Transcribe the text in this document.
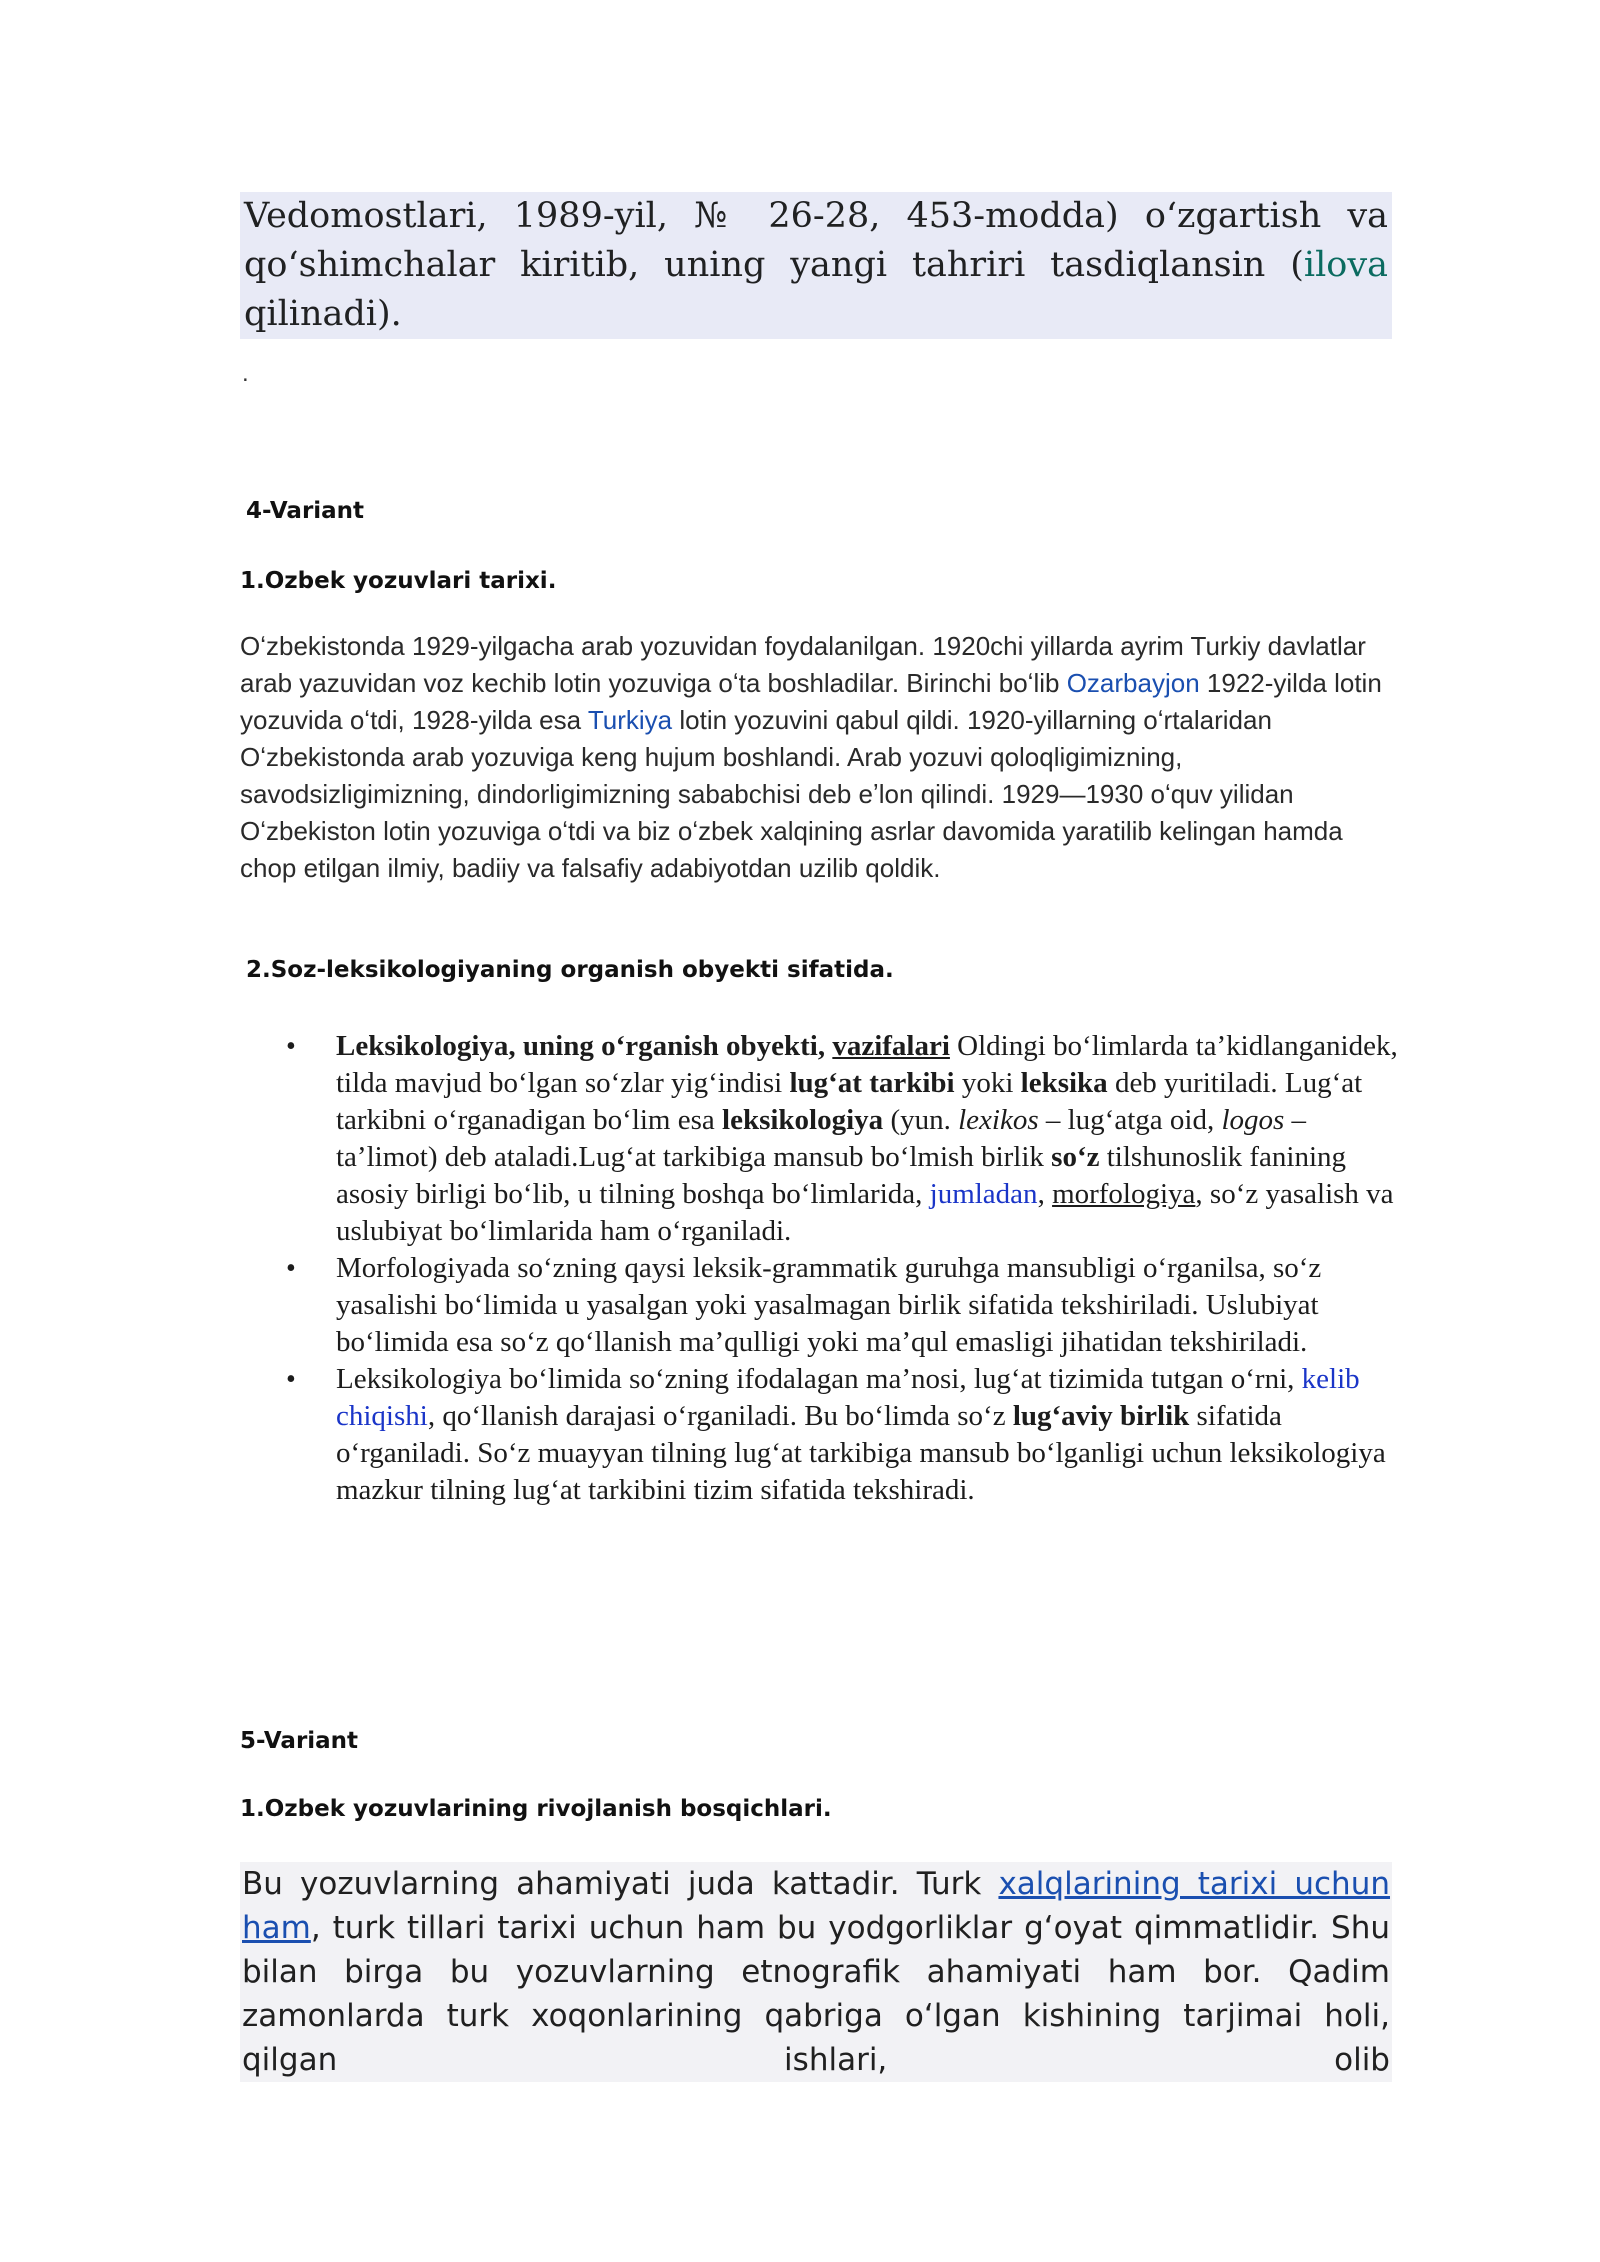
Vedomostlari, 1989-yil, № 26-28, 453-modda) oʻzgartish va qoʻshimchalar kiritib, uning yangi tahriri tasdiqlansin (ilova qilinadi).
.
4-Variant
1.Ozbek yozuvlari tarixi.

Oʻzbekistonda 1929-yilgacha arab yozuvidan foydalanilgan. 1920chi yillarda ayrim Turkiy davlatlar arab yazuvidan voz kechib lotin yozuviga oʻta boshladilar. Birinchi boʻlib Ozarbayjon 1922-yilda lotin yozuvida oʻtdi, 1928-yilda esa Turkiya lotin yozuvini qabul qildi. 1920-yillarning oʻrtalaridan Oʻzbekistonda arab yozuviga keng hujum boshlandi. Arab yozuvi qoloqligimizning, savodsizligimizning, dindorligimizning sababchisi deb eʼlon qilindi. 1929—1930 oʻquv yilidan Oʻzbekiston lotin yozuviga oʻtdi va biz oʻzbek xalqining asrlar davomida yaratilib kelingan hamda chop etilgan ilmiy, badiiy va falsafiy adabiyotdan uzilib qoldik.

2.Soz-leksikologiyaning organish obyekti sifatida.
• Leksikologiya, uning oʻrganish obyekti, vazifalari Oldingi boʻlimlarda taʼkidlanganidek, tilda mavjud boʻlgan soʻzlar yigʻindisi lugʻat tarkibi yoki leksika deb yuritiladi. Lugʻat tarkibni oʻrganadigan boʻlim esa leksikologiya (yun. lexikos – lugʻatga oid, logos – taʼlimot) deb ataladi.Lugʻat tarkibiga mansub boʻlmish birlik soʻz tilshunoslik fanining asosiy birligi boʻlib, u tilning boshqa boʻlimlarida, jumladan, morfologiya, soʻz yasalish va uslubiyat boʻlimlarida ham oʻrganiladi.
• Morfologiyada soʻzning qaysi leksik-grammatik guruhga mansubligi oʻrganilsa, soʻz yasalishi boʻlimida u yasalgan yoki yasalmagan birlik sifatida tekshiriladi. Uslubiyat boʻlimida esa soʻz qoʻllanish maʼqulligi yoki maʼqul emasligi jihatidan tekshiriladi.
• Leksikologiya boʻlimida soʻzning ifodalagan maʼnosi, lugʻat tizimida tutgan oʻrni, kelib chiqishi, qoʻllanish darajasi oʻrganiladi. Bu boʻlimda soʻz lugʻaviy birlik sifatida oʻrganiladi. Soʻz muayyan tilning lugʻat tarkibiga mansub boʻlganligi uchun leksikologiya mazkur tilning lugʻat tarkibini tizim sifatida tekshiradi.
5-Variant
1.Ozbek yozuvlarining rivojlanish bosqichlari.
Bu yozuvlarning ahamiyati juda kattadir. Turk xalqlarining tarixi uchun ham, turk tillari tarixi uchun ham bu yodgorliklar gʻoyat qimmatlidir. Shu bilan birga bu yozuvlarning etnografik ahamiyati ham bor. Qadim zamonlarda turk xoqonlarining qabriga oʻlgan kishining tarjimai holi, qilgan ishlari, olib
